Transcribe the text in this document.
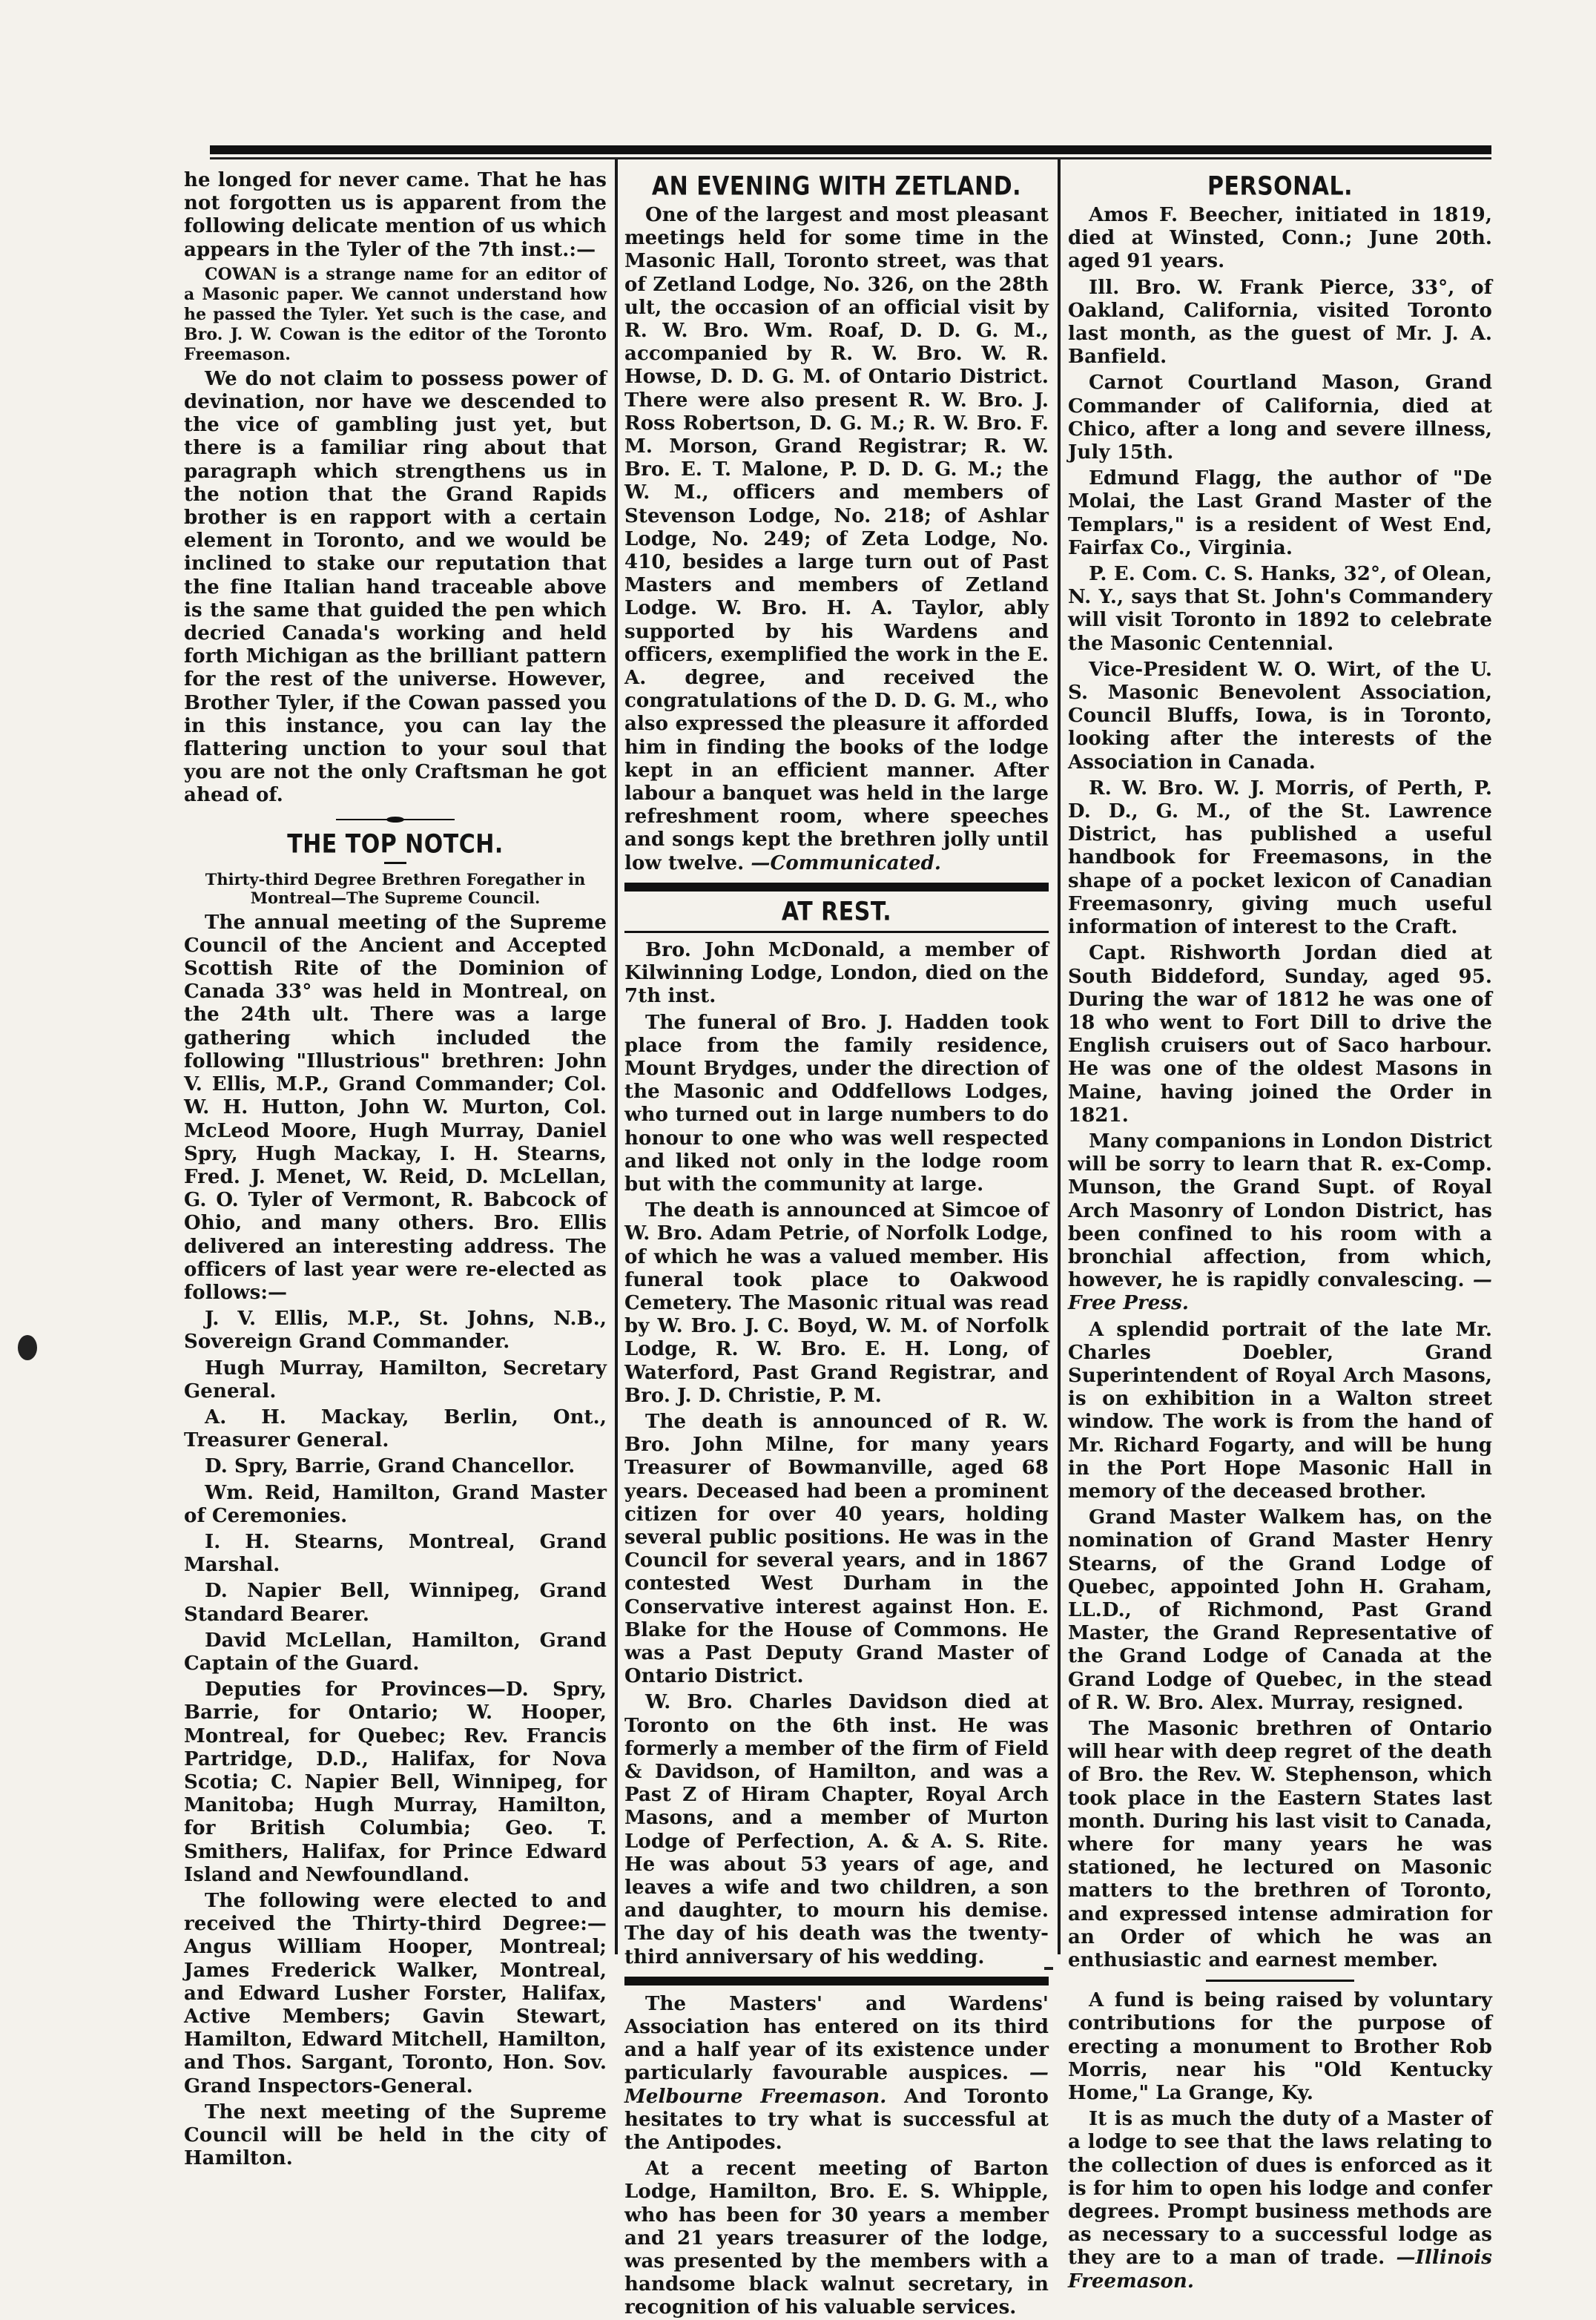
he longed for never came. That he has not forgotten us is apparent from the following delicate mention of us which appears in the Tyler of the 7th inst.:—

COWAN is a strange name for an editor of a Masonic paper. We cannot understand how he passed the Tyler. Yet such is the case, and Bro. J. W. Cowan is the editor of the Toronto Freemason.

We do not claim to possess power of devination, nor have we descended to the vice of gambling just yet, but there is a familiar ring about that paragraph which strengthens us in the notion that the Grand Rapids brother is en rapport with a certain element in Toronto, and we would be inclined to stake our reputation that the fine Italian hand traceable above is the same that guided the pen which decried Canada's working and held forth Michigan as the brilliant pattern for the rest of the universe. However, Brother Tyler, if the Cowan passed you in this instance, you can lay the flattering unction to your soul that you are not the only Craftsman he got ahead of.

THE TOP NOTCH.
Thirty-third Degree Brethren Foregather in Montreal—The Supreme Council.

The annual meeting of the Supreme Council of the Ancient and Accepted Scottish Rite of the Dominion of Canada 33° was held in Montreal, on the 24th ult. There was a large gathering which included the following "Illustrious" brethren: John V. Ellis, M.P., Grand Commander; Col. W. H. Hutton, John W. Murton, Col. McLeod Moore, Hugh Murray, Daniel Spry, Hugh Mackay, I. H. Stearns, Fred. J. Menet, W. Reid, D. McLellan, G. O. Tyler of Vermont, R. Babcock of Ohio, and many others. Bro. Ellis delivered an interesting address. The officers of last year were re-elected as follows:—

J. V. Ellis, M.P., St. Johns, N.B., Sovereign Grand Commander.

Hugh Murray, Hamilton, Secretary General.

A. H. Mackay, Berlin, Ont., Treasurer General.

D. Spry, Barrie, Grand Chancellor.

Wm. Reid, Hamilton, Grand Master of Ceremonies.

I. H. Stearns, Montreal, Grand Marshal.

D. Napier Bell, Winnipeg, Grand Standard Bearer.

David McLellan, Hamilton, Grand Captain of the Guard.

Deputies for Provinces—D. Spry, Barrie, for Ontario; W. Hooper, Montreal, for Quebec; Rev. Francis Partridge, D.D., Halifax, for Nova Scotia; C. Napier Bell, Winnipeg, for Manitoba; Hugh Murray, Hamilton, for British Columbia; Geo. T. Smithers, Halifax, for Prince Edward Island and Newfoundland.

The following were elected to and received the Thirty-third Degree:—Angus William Hooper, Montreal; James Frederick Walker, Montreal, and Edward Lusher Forster, Halifax, Active Members; Gavin Stewart, Hamilton, Edward Mitchell, Hamilton, and Thos. Sargant, Toronto, Hon. Sov. Grand Inspectors-General.

The next meeting of the Supreme Council will be held in the city of Hamilton.

AN EVENING WITH ZETLAND.

One of the largest and most pleasant meetings held for some time in the Masonic Hall, Toronto street, was that of Zetland Lodge, No. 326, on the 28th ult, the occasion of an official visit by R. W. Bro. Wm. Roaf, D. D. G. M., accompanied by R. W. Bro. W. R. Howse, D. D. G. M. of Ontario District. There were also present R. W. Bro. J. Ross Robertson, D. G. M.; R. W. Bro. F. M. Morson, Grand Registrar; R. W. Bro. E. T. Malone, P. D. D. G. M.; the W. M., officers and members of Stevenson Lodge, No. 218; of Ashlar Lodge, No. 249; of Zeta Lodge, No. 410, besides a large turn out of Past Masters and members of Zetland Lodge. W. Bro. H. A. Taylor, ably supported by his Wardens and officers, exemplified the work in the E. A. degree, and received the congratulations of the D. D. G. M., who also expressed the pleasure it afforded him in finding the books of the lodge kept in an efficient manner. After labour a banquet was held in the large refreshment room, where speeches and songs kept the brethren jolly until low twelve. —Communicated.

AT REST.

Bro. John McDonald, a member of Kilwinning Lodge, London, died on the 7th inst.

The funeral of Bro. J. Hadden took place from the family residence, Mount Brydges, under the direction of the Masonic and Oddfellows Lodges, who turned out in large numbers to do honour to one who was well respected and liked not only in the lodge room but with the community at large.

The death is announced at Simcoe of W. Bro. Adam Petrie, of Norfolk Lodge, of which he was a valued member. His funeral took place to Oakwood Cemetery. The Masonic ritual was read by W. Bro. J. C. Boyd, W. M. of Norfolk Lodge, R. W. Bro. E. H. Long, of Waterford, Past Grand Registrar, and Bro. J. D. Christie, P. M.

The death is announced of R. W. Bro. John Milne, for many years Treasurer of Bowmanville, aged 68 years. Deceased had been a prominent citizen for over 40 years, holding several public positions. He was in the Council for several years, and in 1867 contested West Durham in the Conservative interest against Hon. E. Blake for the House of Commons. He was a Past Deputy Grand Master of Ontario District.

W. Bro. Charles Davidson died at Toronto on the 6th inst. He was formerly a member of the firm of Field & Davidson, of Hamilton, and was a Past Z of Hiram Chapter, Royal Arch Masons, and a member of Murton Lodge of Perfection, A. & A. S. Rite. He was about 53 years of age, and leaves a wife and two children, a son and daughter, to mourn his demise. The day of his death was the twenty-third anniversary of his wedding.

The Masters' and Wardens' Association has entered on its third and a half year of its existence under particularly favourable auspices. —Melbourne Freemason. And Toronto hesitates to try what is successful at the Antipodes.

At a recent meeting of Barton Lodge, Hamilton, Bro. E. S. Whipple, who has been for 30 years a member and 21 years treasurer of the lodge, was presented by the members with a handsome black walnut secretary, in recognition of his valuable services.

PERSONAL.

Amos F. Beecher, initiated in 1819, died at Winsted, Conn.; June 20th. aged 91 years.

Ill. Bro. W. Frank Pierce, 33°, of Oakland, California, visited Toronto last month, as the guest of Mr. J. A. Banfield.

Carnot Courtland Mason, Grand Commander of California, died at Chico, after a long and severe illness, July 15th.

Edmund Flagg, the author of "De Molai, the Last Grand Master of the Templars," is a resident of West End, Fairfax Co., Virginia.

P. E. Com. C. S. Hanks, 32°, of Olean, N. Y., says that St. John's Commandery will visit Toronto in 1892 to celebrate the Masonic Centennial.

Vice-President W. O. Wirt, of the U. S. Masonic Benevolent Association, Council Bluffs, Iowa, is in Toronto, looking after the interests of the Association in Canada.

R. W. Bro. W. J. Morris, of Perth, P. D. D., G. M., of the St. Lawrence District, has published a useful handbook for Freemasons, in the shape of a pocket lexicon of Canadian Freemasonry, giving much useful information of interest to the Craft.

Capt. Rishworth Jordan died at South Biddeford, Sunday, aged 95. During the war of 1812 he was one of 18 who went to Fort Dill to drive the English cruisers out of Saco harbour. He was one of the oldest Masons in Maine, having joined the Order in 1821.

Many companions in London District will be sorry to learn that R. ex-Comp. Munson, the Grand Supt. of Royal Arch Masonry of London District, has been confined to his room with a bronchial affection, from which, however, he is rapidly convalescing. —Free Press.

A splendid portrait of the late Mr. Charles Doebler, Grand Superintendent of Royal Arch Masons, is on exhibition in a Walton street window. The work is from the hand of Mr. Richard Fogarty, and will be hung in the Port Hope Masonic Hall in memory of the deceased brother.

Grand Master Walkem has, on the nomination of Grand Master Henry Stearns, of the Grand Lodge of Quebec, appointed John H. Graham, LL.D., of Richmond, Past Grand Master, the Grand Representative of the Grand Lodge of Canada at the Grand Lodge of Quebec, in the stead of R. W. Bro. Alex. Murray, resigned.

The Masonic brethren of Ontario will hear with deep regret of the death of Bro. the Rev. W. Stephenson, which took place in the Eastern States last month. During his last visit to Canada, where for many years he was stationed, he lectured on Masonic matters to the brethren of Toronto, and expressed intense admiration for an Order of which he was an enthusiastic and earnest member.

A fund is being raised by voluntary contributions for the purpose of erecting a monument to Brother Rob Morris, near his "Old Kentucky Home," La Grange, Ky.

It is as much the duty of a Master of a lodge to see that the laws relating to the collection of dues is enforced as it is for him to open his lodge and confer degrees. Prompt business methods are as necessary to a successful lodge as they are to a man of trade. —Illinois Freemason.
